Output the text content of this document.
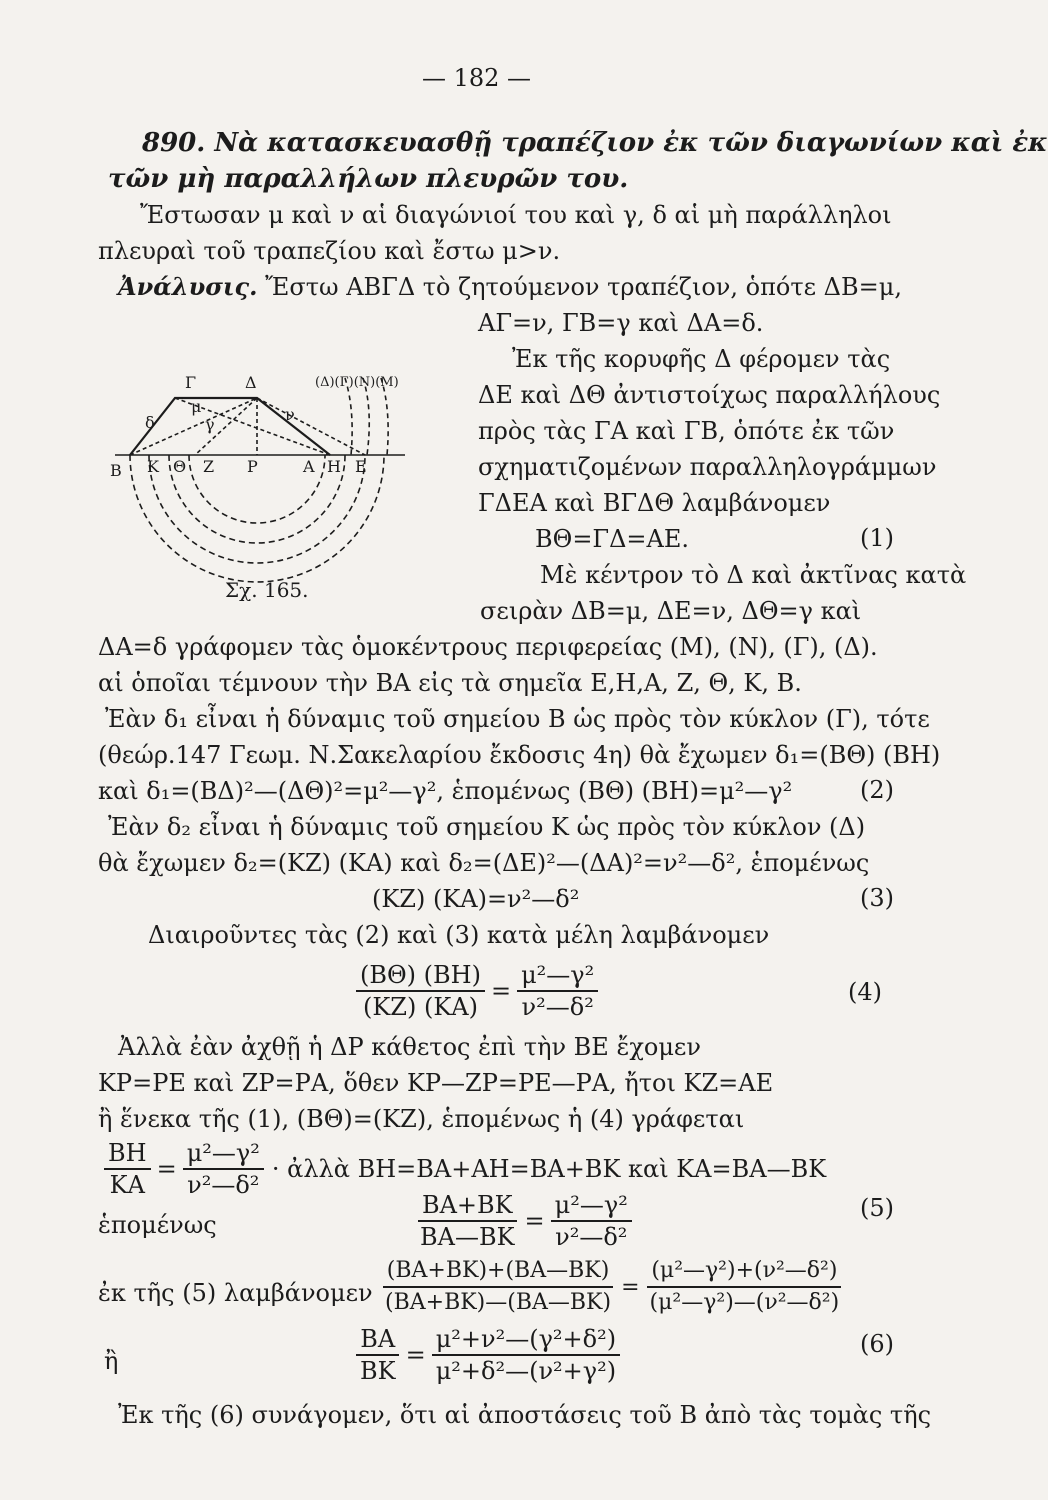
— 182 —
890. Νὰ κατασκευασθῇ τραπέζιον ἐκ τῶν διαγωνίων καὶ ἐκ
τῶν μὴ παραλλήλων πλευρῶν του.
Ἔστωσαν μ καὶ ν αἱ διαγώνιοί του καὶ γ, δ αἱ μὴ παράλληλοι
πλευραὶ τοῦ τραπεζίου καὶ ἔστω μ>ν.
Ἀνάλυσις. Ἔστω ΑΒΓΔ τὸ ζητούμενον τραπέζιον, ὁπότε ΔΒ=μ,
ΑΓ=ν, ΓΒ=γ καὶ ΔΑ=δ.
Ἐκ τῆς κορυφῆς Δ φέρομεν τὰς
ΔΕ καὶ ΔΘ ἀντιστοίχως παραλλήλους
πρὸς τὰς ΓΑ καὶ ΓΒ, ὁπότε ἐκ τῶν
σχηματιζομένων παραλληλογράμμων
ΓΔΕΑ καὶ ΒΓΔΘ λαμβάνομεν
ΒΘ=ΓΔ=ΑΕ.	(1)
Μὲ κέντρον τὸ Δ καὶ ἀκτῖνας κατὰ
σειρὰν ΔΒ=μ, ΔΕ=ν, ΔΘ=γ καὶ
Γ	Δ
Β Κ Θ Ζ Ρ	Α Η Ε
δ	γ
μ	ν
(Δ)(Γ)(Ν)(Μ)
Σχ. 165.
ΔΑ=δ γράφομεν τὰς ὁμοκέντρους περιφερείας (Μ), (Ν), (Γ), (Δ).
αἱ ὁποῖαι τέμνουν τὴν ΒΑ εἰς τὰ σημεῖα Ε,Η,Α, Ζ, Θ, Κ, Β.
Ἐὰν δ₁ εἶναι ἡ δύναμις τοῦ σημείου Β ὡς πρὸς τὸν κύκλον (Γ), τότε
(θεώρ.147 Γεωμ. Ν.Σακελαρίου ἔκδοσις 4η) θὰ ἔχωμεν δ₁=(ΒΘ) (ΒΗ)
καὶ δ₁=(ΒΔ)²—(ΔΘ)²=μ²—γ², ἑπομένως (ΒΘ) (ΒΗ)=μ²—γ²	(2)
Ἐὰν δ₂ εἶναι ἡ δύναμις τοῦ σημείου Κ ὡς πρὸς τὸν κύκλον (Δ)
θὰ ἔχωμεν δ₂=(ΚΖ) (ΚΑ) καὶ δ₂=(ΔΕ)²—(ΔΑ)²=ν²—δ², ἑπομένως
(ΚΖ) (ΚΑ)=ν²—δ²	(3)
Διαιροῦντες τὰς (2) καὶ (3) κατὰ μέλη λαμβάνομεν
$\frac{(B\Theta) (BH)}{(KZ) (KA)} = \frac{\text{μ²—γ²}}{\text{ν²—δ²}}$	(4)
Ἀλλὰ ἐὰν ἀχθῇ ἡ ΔΡ κάθετος ἐπὶ τὴν ΒΕ ἔχομεν
ΚΡ=ΡΕ καὶ ΖΡ=ΡΑ, ὅθεν ΚΡ—ΖΡ=ΡΕ—ΡΑ, ἤτοι ΚΖ=ΑΕ
ἢ ἕνεκα τῆς (1), (ΒΘ)=(ΚΖ), ἑπομένως ἡ (4) γράφεται
$\frac{BH}{KA} = \frac{\text{μ²—γ²}}{\text{ν²—δ²}}$ · ἀλλὰ ΒΗ=ΒΑ+ΑΗ=ΒΑ+ΒΚ καὶ ΚΑ=ΒΑ—ΒΚ
ἑπομένως	$\frac{BA+BK}{BA—BK} = \frac{\text{μ²—γ²}}{\text{ν²—δ²}}$	(5)
ἐκ τῆς (5) λαμβάνομεν $\frac{(BA+BK)+(BA—BK)}{(BA+BK)—(BA—BK)} = \frac{\text{(μ²—γ²)+(ν²—δ²)}}{\text{(μ²—γ²)—(ν²—δ²)}}$
ἢ	$\frac{BA}{BK} = \frac{\text{μ²+ν²—(γ²+δ²)}}{\text{μ²+δ²—(ν²+γ²)}}$	(6)
Ἐκ τῆς (6) συνάγομεν, ὅτι αἱ ἀποστάσεις τοῦ Β ἀπὸ τὰς τομὰς τῆς
